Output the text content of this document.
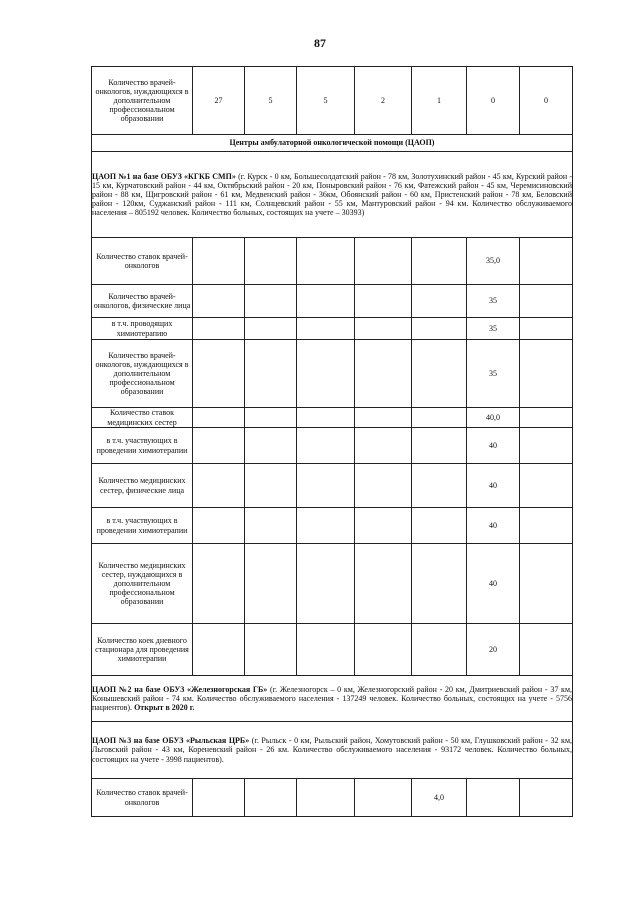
87
Количество врачей-онкологов, нуждающихся в дополнительном профессиональном образовании	27	5	5	2	1	0	0
Центры амбулаторной онкологической помощи (ЦАОП)							
ЦАОП №1 на базе ОБУЗ «КГКБ СМП» (г. Курск - 0 км, Большесолдатский район - 78 км, Золотухинский район - 45 км, Курский район - 15 км, Курчатовский район - 44 км, Октябрьский район - 20 км, Поныровский район - 76 км, Фатежский район - 45 км, Черемисиновский район - 88 км, Щигровский район - 61 км, Медвенский район - 36км, Обоянский район - 60 км, Пристенский район - 78 км, Беловский район - 120км, Суджанский район - 111 км, Солнцевский район - 55 км, Мантуровский район - 94 км. Количество обслуживаемого населения – 805192 человек. Количество больных, состоящих на учете – 30393)							
Количество ставок врачей-онкологов						35,0	
Количество врачей-онкологов, физические лица						35	
в т.ч. проводящих химиотерапию						35	
Количество врачей-онкологов, нуждающихся в дополнительном профессиональном образовании						35	
Количество ставок медицинских сестер						40,0	
в т.ч. участвующих в проведении химиотерапии						40	
Количество медицинских сестер, физические лица						40	
в т.ч. участвующих в проведении химиотерапии						40	
Количество медицинских сестер, нуждающихся в дополнительном профессиональном образовании						40	
Количество коек дневного стационара для проведения химиотерапии						20	
ЦАОП №2 на базе ОБУЗ «Железногорская ГБ» (г. Железногорск – 0 км, Железногорский район - 20 км, Дмитриевский район - 37 км, Конышевский район - 74 км. Количество обслуживаемого населения - 137249 человек. Количество больных, состоящих на учете - 5756 пациентов). Открыт в 2020 г.							
ЦАОП №3 на базе ОБУЗ «Рыльская ЦРБ» (г. Рыльск - 0 км, Рыльский район, Хомутовский район - 50 км, Глушковский район - 32 км, Льговский район - 43 км, Кореневский район - 26 км. Количество обслуживаемого населения - 93172 человек. Количество больных, состоящих на учете - 3998 пациентов).							
Количество ставок врачей-онкологов					4,0		
